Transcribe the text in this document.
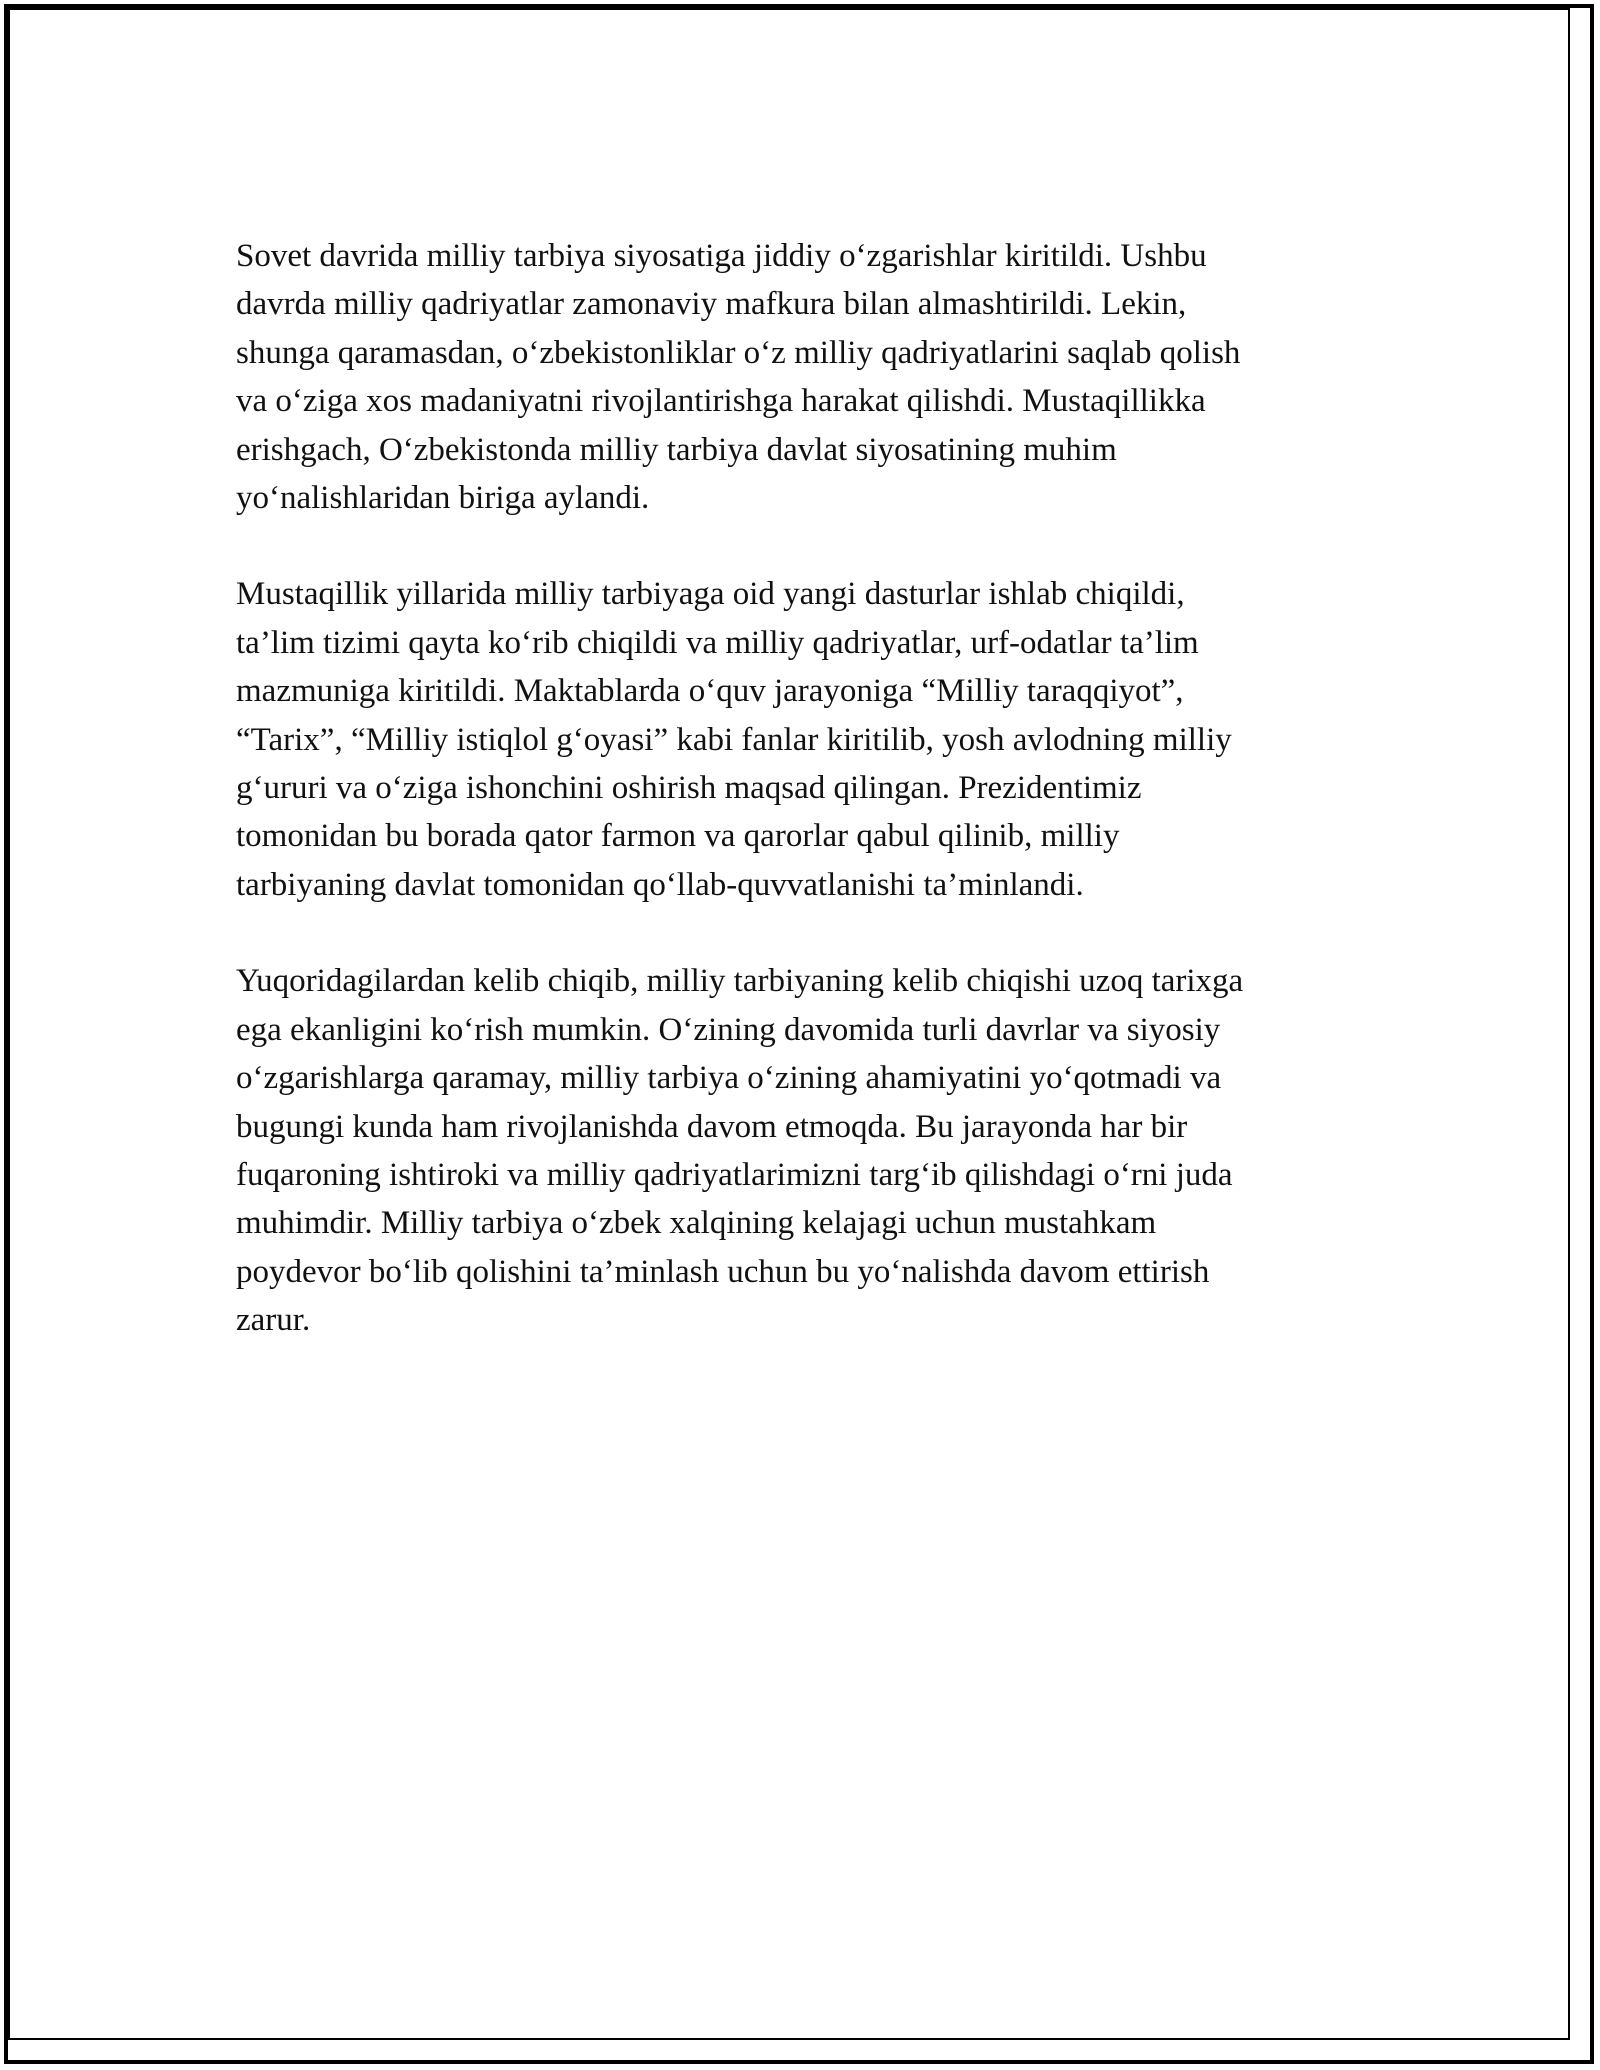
Sovet davrida milliy tarbiya siyosatiga jiddiy o‘zgarishlar kiritildi. Ushbu
davrda milliy qadriyatlar zamonaviy mafkura bilan almashtirildi. Lekin,
shunga qaramasdan, o‘zbekistonliklar o‘z milliy qadriyatlarini saqlab qolish
va o‘ziga xos madaniyatni rivojlantirishga harakat qilishdi. Mustaqillikka
erishgach, O‘zbekistonda milliy tarbiya davlat siyosatining muhim
yo‘nalishlaridan biriga aylandi.

Mustaqillik yillarida milliy tarbiyaga oid yangi dasturlar ishlab chiqildi,
ta’lim tizimi qayta ko‘rib chiqildi va milliy qadriyatlar, urf-odatlar ta’lim
mazmuniga kiritildi. Maktablarda o‘quv jarayoniga “Milliy taraqqiyot”,
“Tarix”, “Milliy istiqlol g‘oyasi” kabi fanlar kiritilib, yosh avlodning milliy
g‘ururi va o‘ziga ishonchini oshirish maqsad qilingan. Prezidentimiz
tomonidan bu borada qator farmon va qarorlar qabul qilinib, milliy
tarbiyaning davlat tomonidan qo‘llab-quvvatlanishi ta’minlandi.

Yuqoridagilardan kelib chiqib, milliy tarbiyaning kelib chiqishi uzoq tarixga
ega ekanligini ko‘rish mumkin. O‘zining davomida turli davrlar va siyosiy
o‘zgarishlarga qaramay, milliy tarbiya o‘zining ahamiyatini yo‘qotmadi va
bugungi kunda ham rivojlanishda davom etmoqda. Bu jarayonda har bir
fuqaroning ishtiroki va milliy qadriyatlarimizni targ‘ib qilishdagi o‘rni juda
muhimdir. Milliy tarbiya o‘zbek xalqining kelajagi uchun mustahkam
poydevor bo‘lib qolishini ta’minlash uchun bu yo‘nalishda davom ettirish
zarur.
